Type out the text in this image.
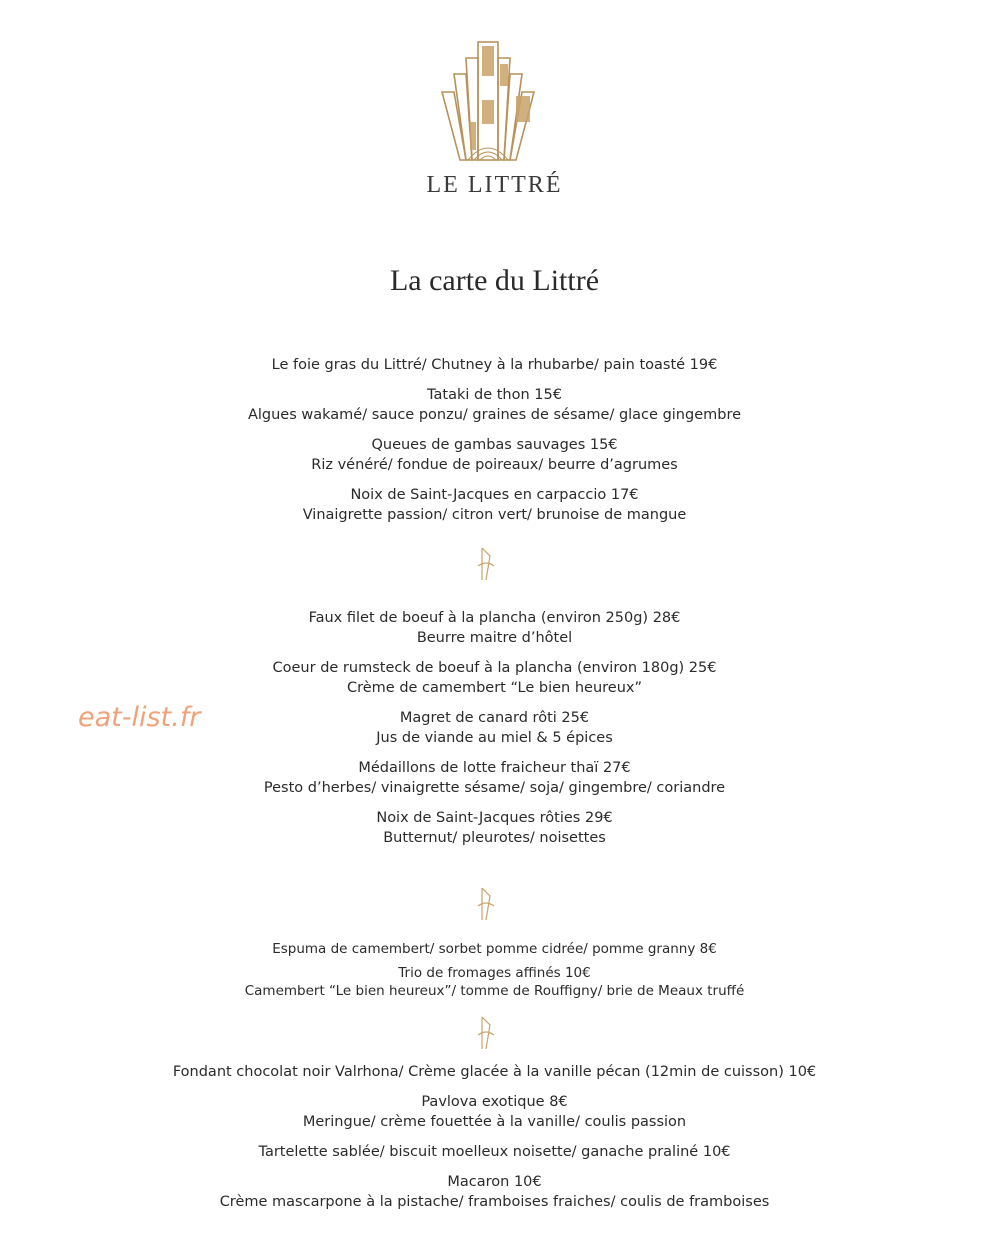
LE LITTRÉ
La carte du Littré
eat-list.fr
Le foie gras du Littré/ Chutney à la rhubarbe/ pain toasté 19€
Tataki de thon 15€
Algues wakamé/ sauce ponzu/ graines de sésame/ glace gingembre
Queues de gambas sauvages 15€
Riz vénéré/ fondue de poireaux/ beurre d’agrumes
Noix de Saint-Jacques en carpaccio 17€
Vinaigrette passion/ citron vert/ brunoise de mangue
Faux filet de boeuf à la plancha (environ 250g) 28€
Beurre maitre d’hôtel
Coeur de rumsteck de boeuf à la plancha (environ 180g) 25€
Crème de camembert “Le bien heureux”
Magret de canard rôti 25€
Jus de viande au miel & 5 épices
Médaillons de lotte fraicheur thaï 27€
Pesto d’herbes/ vinaigrette sésame/ soja/ gingembre/ coriandre
Noix de Saint-Jacques rôties 29€
Butternut/ pleurotes/ noisettes
Espuma de camembert/ sorbet pomme cidrée/ pomme granny 8€
Trio de fromages affinés 10€
Camembert “Le bien heureux”/ tomme de Rouffigny/ brie de Meaux truffé
Fondant chocolat noir Valrhona/ Crème glacée à la vanille pécan (12min de cuisson) 10€
Pavlova exotique 8€
Meringue/ crème fouettée à la vanille/ coulis passion
Tartelette sablée/ biscuit moelleux noisette/ ganache praliné 10€
Macaron 10€
Crème mascarpone à la pistache/ framboises fraiches/ coulis de framboises
